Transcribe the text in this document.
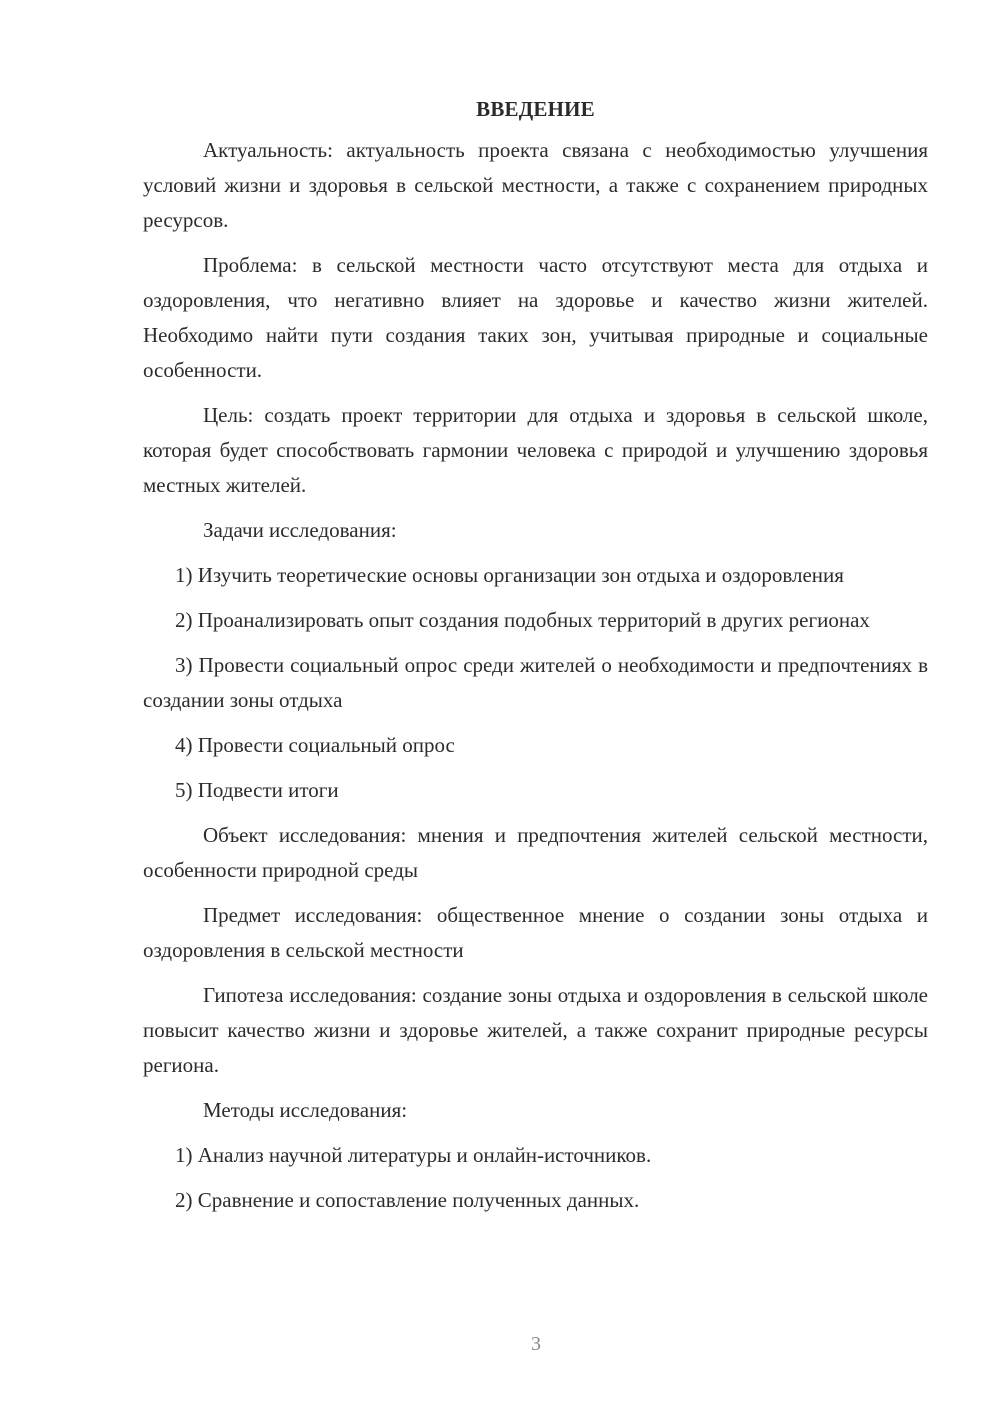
ВВЕДЕНИЕ

Актуальность: актуальность проекта связана с необходимостью улучшения условий жизни и здоровья в сельской местности, а также с сохранением природных ресурсов.

Проблема: в сельской местности часто отсутствуют места для отдыха и оздоровления, что негативно влияет на здоровье и качество жизни жителей. Необходимо найти пути создания таких зон, учитывая природные и социальные особенности.

Цель: создать проект территории для отдыха и здоровья в сельской школе, которая будет способствовать гармонии человека с природой и улучшению здоровья местных жителей.

Задачи исследования:

1) Изучить теоретические основы организации зон отдыха и оздоровления

2) Проанализировать опыт создания подобных территорий в других регионах

3) Провести социальный опрос среди жителей о необходимости и предпочтениях в создании зоны отдыха

4) Провести социальный опрос

5) Подвести итоги

Объект исследования: мнения и предпочтения жителей сельской местности, особенности природной среды

Предмет исследования: общественное мнение о создании зоны отдыха и оздоровления в сельской местности

Гипотеза исследования: создание зоны отдыха и оздоровления в сельской школе повысит качество жизни и здоровье жителей, а также сохранит природные ресурсы региона.

Методы исследования:

1) Анализ научной литературы и онлайн-источников.

2) Сравнение и сопоставление полученных данных.

3
